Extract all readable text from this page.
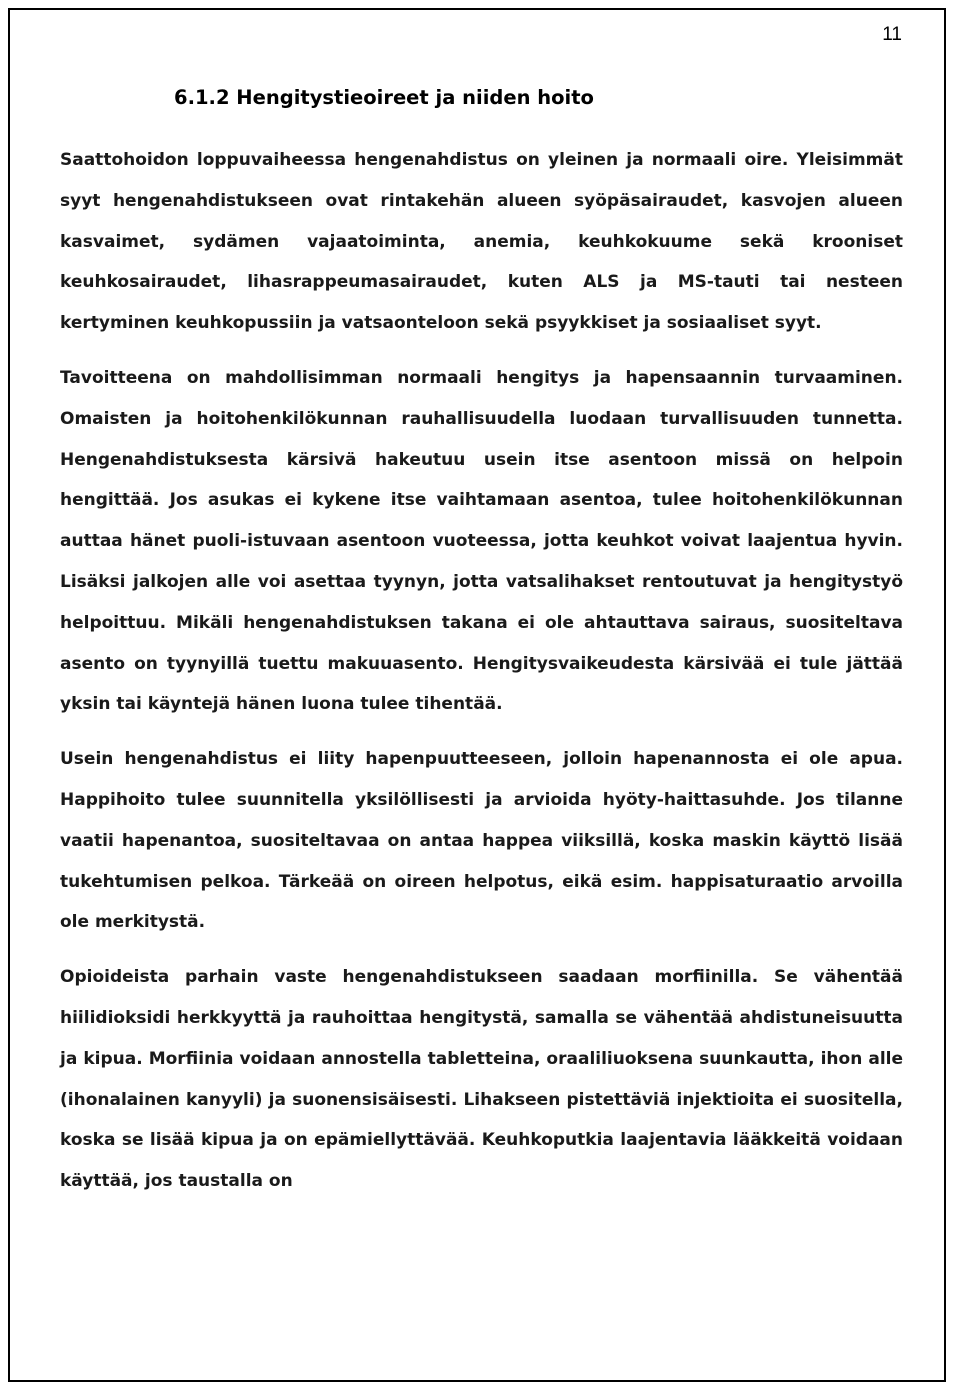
11
6.1.2 Hengitystieoireet ja niiden hoito

Saattohoidon loppuvaiheessa hengenahdistus on yleinen ja normaali oire. Yleisimmät syyt hengenahdistukseen ovat rintakehän alueen syöpäsairaudet, kasvojen alueen kasvaimet, sydämen vajaatoiminta, anemia, keuhkokuume sekä krooniset keuhkosairaudet, lihasrappeumasairaudet, kuten ALS ja MS-tauti tai nesteen kertyminen keuhkopussiin ja vatsaonteloon sekä psyykkiset ja sosiaaliset syyt.

Tavoitteena on mahdollisimman normaali hengitys ja hapensaannin turvaaminen. Omaisten ja hoitohenkilökunnan rauhallisuudella luodaan turvallisuuden tunnetta. Hengenahdistuksesta kärsivä hakeutuu usein itse asentoon missä on helpoin hengittää. Jos asukas ei kykene itse vaihtamaan asentoa, tulee hoitohenkilökunnan auttaa hänet puoli-istuvaan asentoon vuoteessa, jotta keuhkot voivat laajentua hyvin. Lisäksi jalkojen alle voi asettaa tyynyn, jotta vatsalihakset rentoutuvat ja hengitystyö helpoittuu. Mikäli hengenahdistuksen takana ei ole ahtauttava sairaus, suositeltava asento on tyynyillä tuettu makuuasento. Hengitysvaikeudesta kärsivää ei tule jättää yksin tai käyntejä hänen luona tulee tihentää.

Usein hengenahdistus ei liity hapenpuutteeseen, jolloin hapenannosta ei ole apua. Happihoito tulee suunnitella yksilöllisesti ja arvioida hyöty-haittasuhde. Jos tilanne vaatii hapenantoa, suositeltavaa on antaa happea viiksillä, koska maskin käyttö lisää tukehtumisen pelkoa. Tärkeää on oireen helpotus, eikä esim. happisaturaatio arvoilla ole merkitystä.

Opioideista parhain vaste hengenahdistukseen saadaan morfiinilla. Se vähentää hiilidioksidi herkkyyttä ja rauhoittaa hengitystä, samalla se vähentää ahdistuneisuutta ja kipua. Morfiinia voidaan annostella tabletteina, oraaliliuoksena suunkautta, ihon alle (ihonalainen kanyyli) ja suonensisäisesti. Lihakseen pistettäviä injektioita ei suositella, koska se lisää kipua ja on epämiellyttävää. Keuhkoputkia laajentavia lääkkeitä voidaan käyttää, jos taustalla on
